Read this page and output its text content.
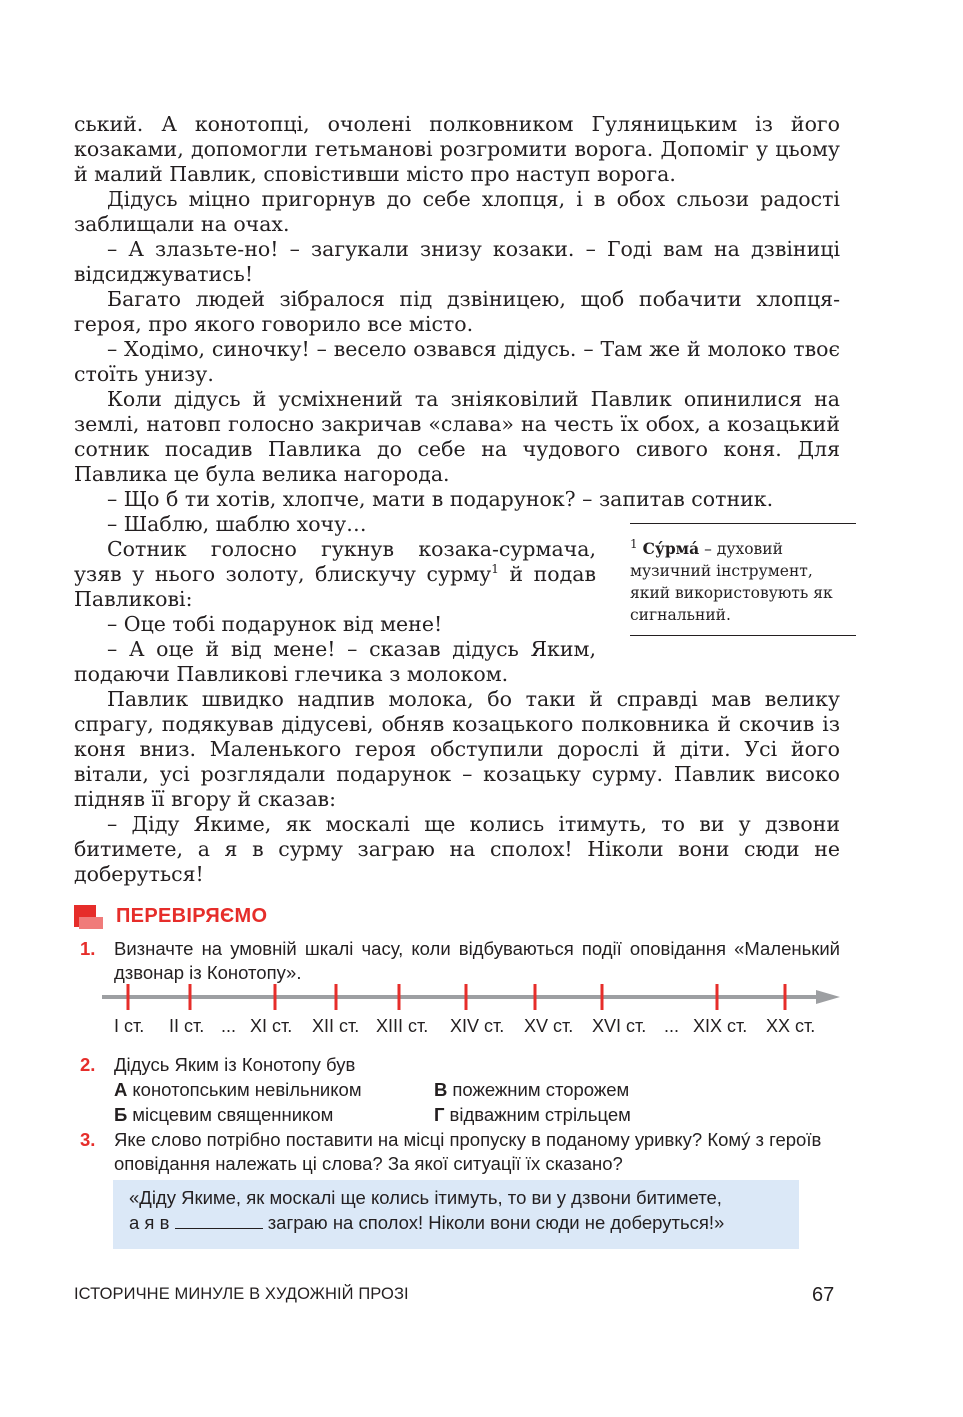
ський. А конотопці, очолені полковником Гуляницьким із його козаками, допомогли гетьманові розгромити ворога. Допоміг у цьому й малий Павлик, сповістивши місто про наступ ворога.

Дідусь міцно пригорнув до себе хлопця, і в обох сльози радості заблищали на очах.

– А злазьте-но! – загукали знизу козаки. – Годі вам на дзвіниці відсиджуватись!

Багато людей зібралося під дзвіницею, щоб побачити хлопця-героя, про якого говорило все місто.

– Ходімо, синочку! – весело озвався дідусь. – Там же й молоко твоє стоїть унизу.

Коли дідусь й усміхнений та зніяковілий Павлик опинилися на землі, натовп голосно закричав «слава» на честь їх обох, а козацький сотник посадив Павлика до себе на чудового сивого коня. Для Павлика це була велика нагорода.

– Що б ти хотів, хлопче, мати в подарунок? – запитав сотник.

– Шаблю, шаблю хочу…

Сотник голосно гукнув козака-сурмача, узяв у нього золоту, блискучу сурму$^1$ й подав Павликові:

– Оце тобі подарунок від мене!

– А оце й від мене! – сказав дідусь Яким, подаючи Павликові глечика з молоком.

Павлик швидко надпив молока, бо таки й справді мав велику спрагу, подякував дідусеві, обняв козацького полковника й скочив із коня вниз. Маленького героя обступили дорослі й діти. Усі його вітали, усі розглядали подарунок – козацьку сурму. Павлик високо підняв її вгору й сказав:

– Діду Якиме, як москалі ще колись ітимуть, то ви у дзвони битимете, а я в сурму заграю на сполох! Ніколи вони сюди не доберуться!

$^1$ Су́рма́ – духовий музичний інструмент, який використовують як сигнальний.
ПЕРЕВІРЯЄМО
1. Визначте на умовній шкалі часу, коли відбуваються події оповідання «Маленький дзвонар із Конотопу».
І ст. ІІ ст. ... ХІ ст. ХІІ ст. ХІІІ ст. ХІV ст. ХV ст. ХVІ ст. ... ХІХ ст. ХХ ст.
2. Дідусь Яким із Конотопу був
А конотопським невільником	В пожежним сторожем
Б місцевим священником	Г відважним стрільцем
3. Яке слово потрібно поставити на місці пропуску в поданому уривку? Комý з героїв оповідання належать ці слова? За якої ситуації їх сказано?
«Діду Якиме, як москалі ще колись ітимуть, то ви у дзвони битимете,
а я в	заграю на сполох! Ніколи вони сюди не доберуться!»
ІСТОРИЧНЕ МИНУЛЕ В ХУДОЖНІЙ ПРОЗІ	67
